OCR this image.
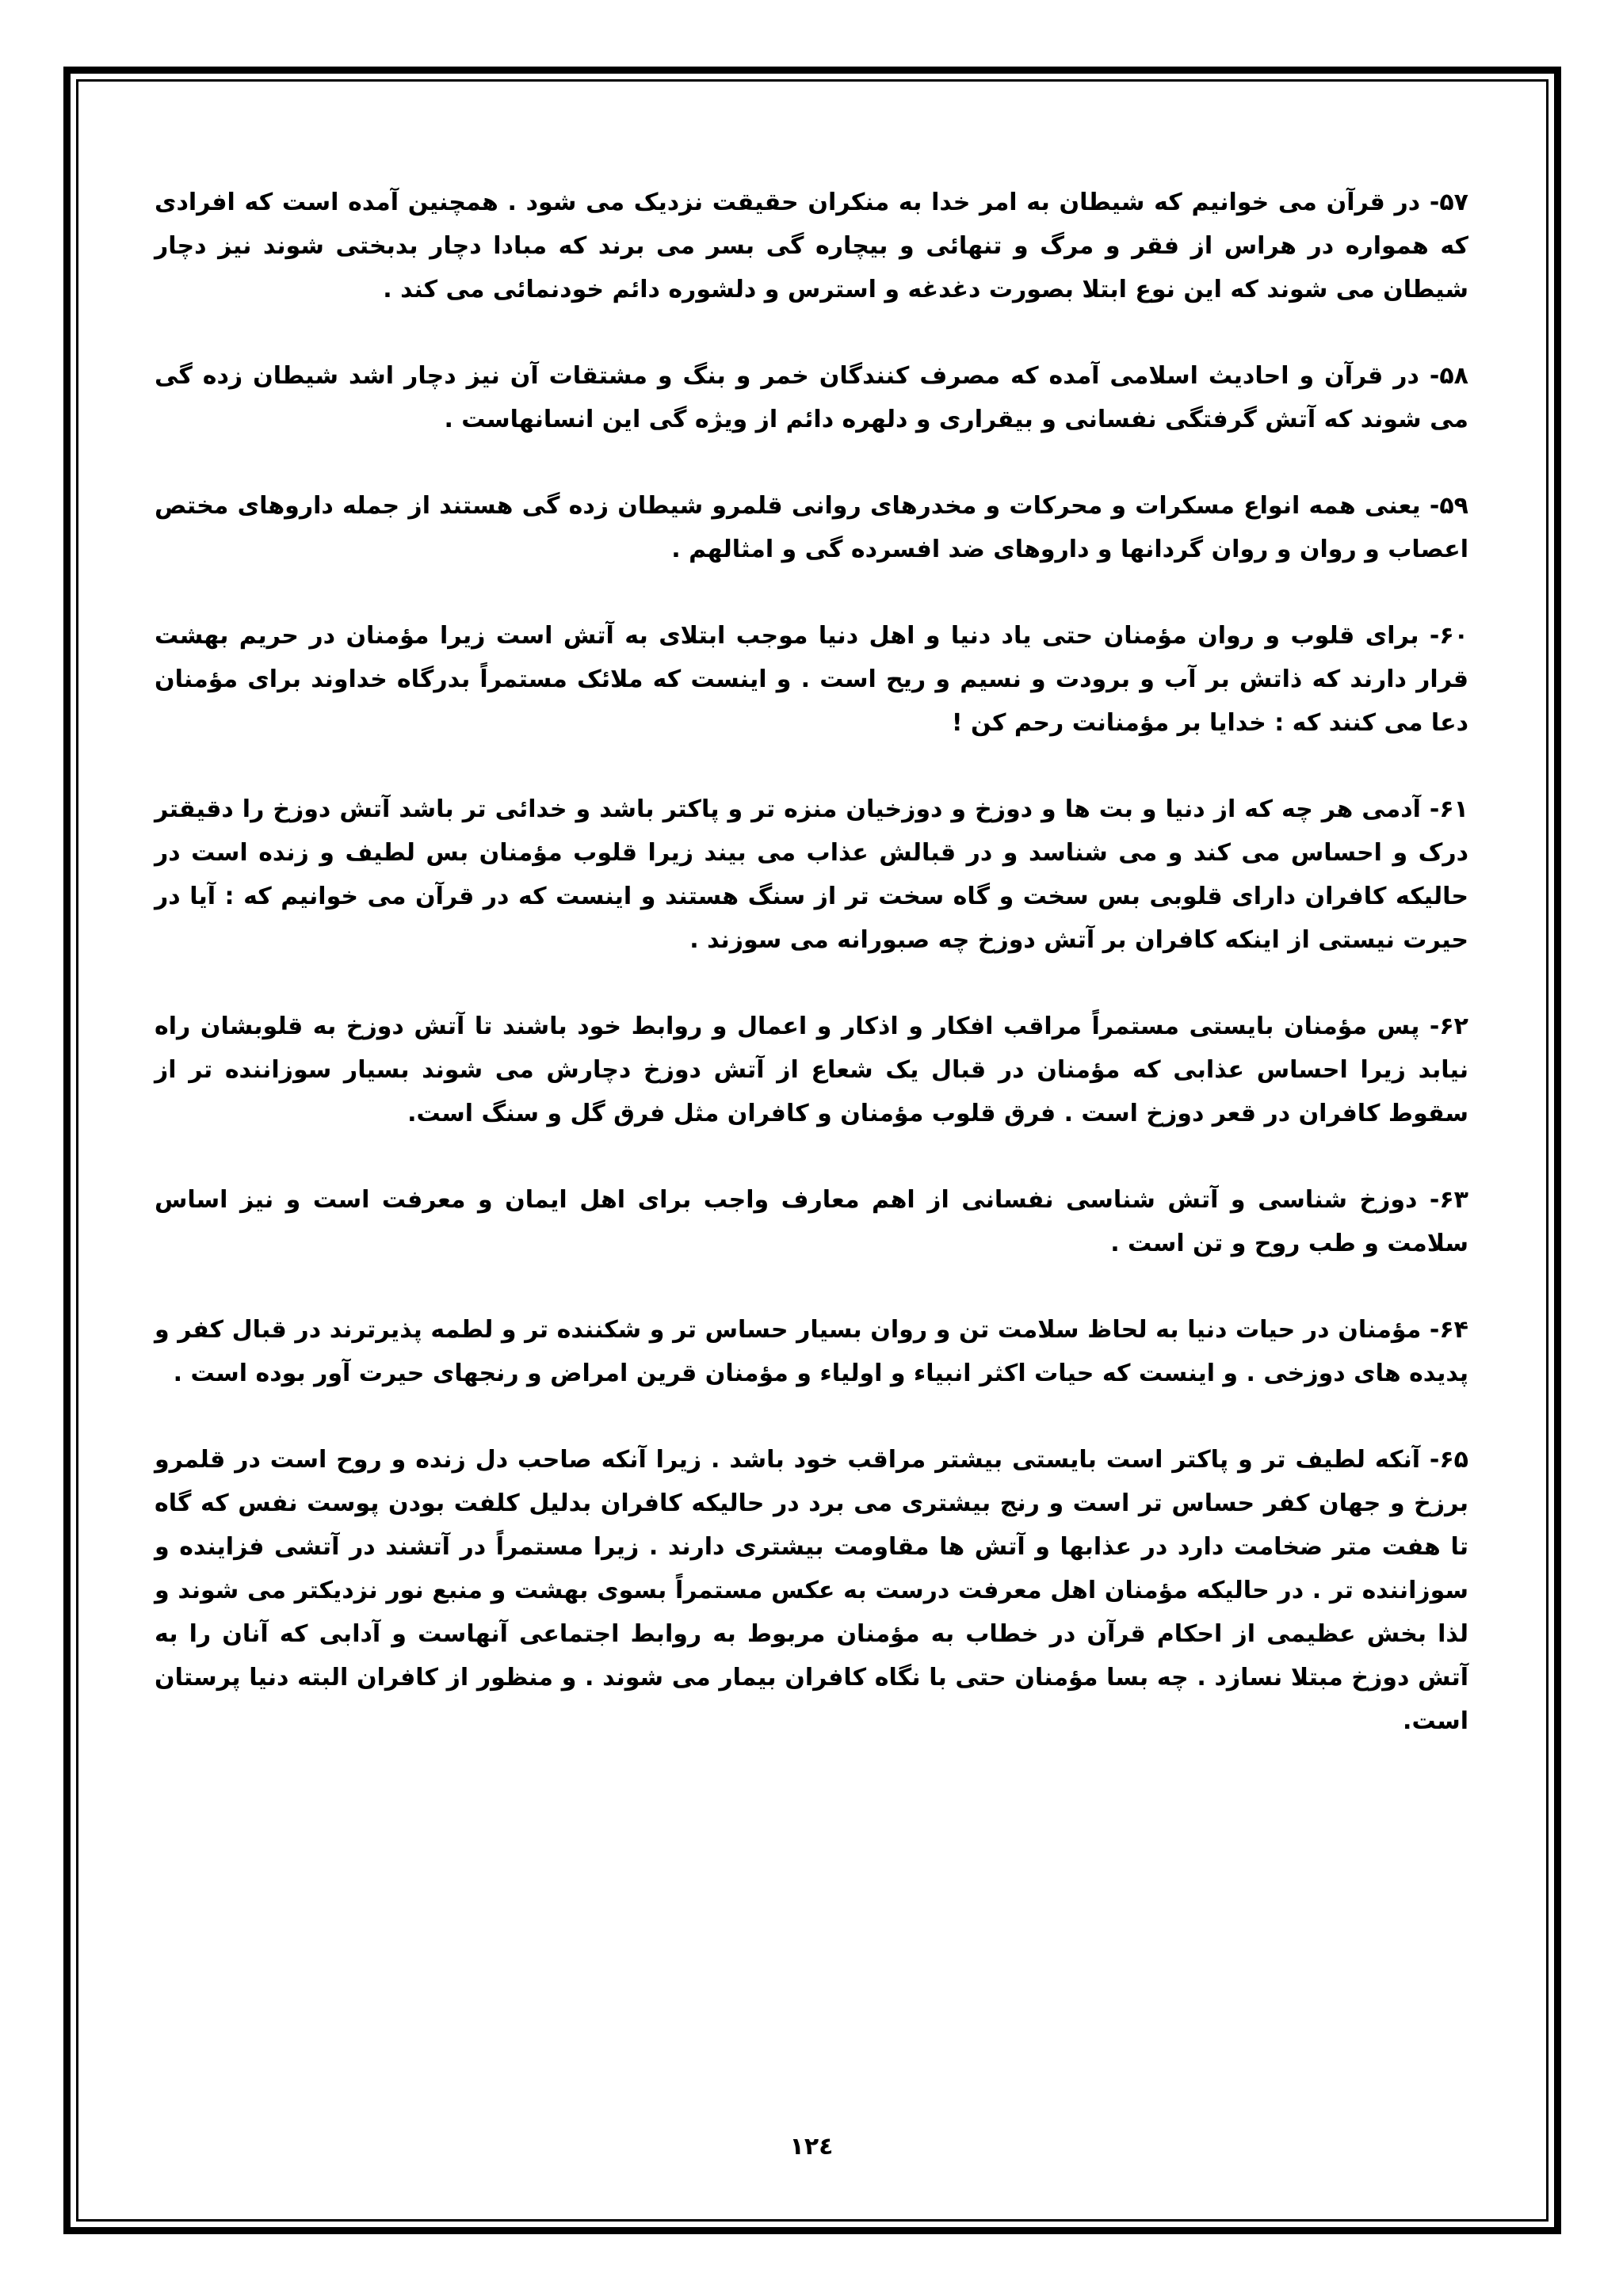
۵۷- در قرآن می خوانیم که شیطان به امر خدا به منکران حقیقت نزدیک می شود . همچنین آمده است که افرادی که همواره در هراس از فقر و مرگ و تنهائی و بیچاره گی بسر می برند که مبادا دچار بدبختی شوند نیز دچار شیطان می شوند که این نوع ابتلا بصورت دغدغه و استرس و دلشوره دائم خودنمائی می کند .

۵۸- در قرآن و احادیث اسلامی آمده که مصرف کنندگان خمر و بنگ و مشتقات آن نیز دچار اشد شیطان زده گی می شوند که آتش گرفتگی نفسانی و بیقراری و دلهره دائم از ویژه گی این انسانهاست .

۵۹- یعنی همه انواع مسکرات و محرکات و مخدرهای روانی قلمرو شیطان زده گی هستند از جمله داروهای مختص اعصاب و روان و روان گردانها و داروهای ضد افسرده گی و امثالهم .

۶۰- برای قلوب و روان مؤمنان حتی یاد دنیا و اهل دنیا موجب ابتلای به آتش است زیرا مؤمنان در حریم بهشت قرار دارند که ذاتش بر آب و برودت و نسیم و ریح است . و اینست که ملائک مستمراً بدرگاه خداوند برای مؤمنان دعا می کنند که : خدایا بر مؤمنانت رحم کن !

۶۱- آدمی هر چه که از دنیا و بت ها و دوزخ و دوزخیان منزه تر و پاکتر باشد و خدائی تر باشد آتش دوزخ را دقیقتر درک و احساس می کند و می شناسد و در قبالش عذاب می بیند زیرا قلوب مؤمنان بس لطیف و زنده است در حالیکه کافران دارای قلوبی بس سخت و گاه سخت تر از سنگ هستند و اینست که در قرآن می خوانیم که : آیا در حیرت نیستی از اینکه کافران بر آتش دوزخ چه صبورانه می سوزند .

۶۲- پس مؤمنان بایستی مستمراً مراقب افکار و اذکار و اعمال و روابط خود باشند تا آتش دوزخ به قلوبشان راه نیابد زیرا احساس عذابی که مؤمنان در قبال یک شعاع از آتش دوزخ دچارش می شوند بسیار سوزاننده تر از سقوط کافران در قعر دوزخ است . فرق قلوب مؤمنان و کافران مثل فرق گل و سنگ است.

۶۳- دوزخ شناسی و آتش شناسی نفسانی از اهم معارف واجب برای اهل ایمان و معرفت است و نیز اساس سلامت و طب روح و تن است .

۶۴- مؤمنان در حیات دنیا به لحاظ سلامت تن و روان بسیار حساس تر و شکننده تر و لطمه پذیرترند در قبال کفر و پدیده های دوزخی . و اینست که حیات اکثر انبیاء و اولیاء و مؤمنان قرین امراض و رنجهای حیرت آور بوده است .

۶۵- آنکه لطیف تر و پاکتر است بایستی بیشتر مراقب خود باشد . زیرا آنکه صاحب دل زنده و روح است در قلمرو برزخ و جهان کفر حساس تر است و رنج بیشتری می برد در حالیکه کافران بدلیل کلفت بودن پوست نفس که گاه تا هفت متر ضخامت دارد در عذابها و آتش ها مقاومت بیشتری دارند . زیرا مستمراً در آتشند در آتشی فزاینده و سوزاننده تر . در حالیکه مؤمنان اهل معرفت درست به عکس مستمراً بسوی بهشت و منبع نور نزدیکتر می شوند و لذا بخش عظیمی از احکام قرآن در خطاب به مؤمنان مربوط به روابط اجتماعی آنهاست و آدابی که آنان را به آتش دوزخ مبتلا نسازد . چه بسا مؤمنان حتی با نگاه کافران بیمار می شوند . و منظور از کافران البته دنیا پرستان است.

١٢٤
